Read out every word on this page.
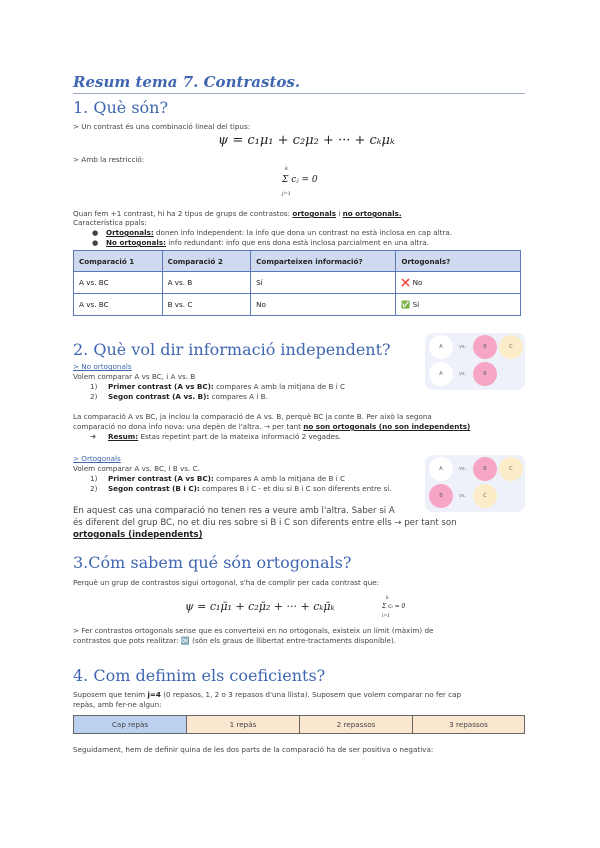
Resum tema 7. Contrastos.
1. Què són?
> Un contrast és una combinació lineal del tipus:
ψ = c₁μ₁ + c₂μ₂ + ··· + cₖμₖ
> Amb la restricció:
k
Σ cⱼ = 0
j=1
Quan fem +1 contrast, hi ha 2 tipus de grups de contrastos: ortogonals i no ortogonals.
Característica ppals:
● Ortogonals: donen info independent: la info que dona un contrast no està inclosa en cap altra.
● No ortogonals: info redundant: info que ens dona està inclosa parcialment en una altra.
Comparació 1	Comparació 2	Comparteixen informació?	Ortogonals?
A vs. BC	A vs. B	Sí	❌ No
A vs. BC	B vs. C	No	✅ Sí
2. Què vol dir informació independent?	A	vs.	B	C
A	vs.	B
> No ortogonals
Volem comparar A vs BC, i A vs. B
1) Primer contrast (A vs BC): compares A amb la mitjana de B i C
2) Segon contrast (A vs. B): compares A i B.
La comparació A vs BC, ja inclou la comparació de A vs. B, perquè BC ja conte B. Per això la segona
comparació no dona info nova: una depèn de l'altra. → per tant no son ortogonals (no son independents)
➔ Resum: Estas repetint part de la mateixa informació 2 vegades.
A	vs.	B	C
B	vs.	C
> Ortogonals
Volem comparar A vs. BC, i B vs. C.
1) Primer contrast (A vs BC): compares A amb la mitjana de B i C
2) Segon contrast (B i C): compares B i C - et diu si B i C son diferents entre si.
En aquest cas una comparació no tenen res a veure amb l'altra. Saber si A
és diferent del grup BC, no et diu res sobre si B i C son diferents entre ells → per tant son
ortogonals (independents)
3.Cóm sabem qué són ortogonals?
Perquè un grup de contrastos sigui ortogonal, s'ha de complir per cada contrast que:
ψ = c₁μ̄₁ + c₂μ̄₂ + ··· + cₖμ̄ₖ
k
Σ cᵢ = 0
i=1
> Fer contrastos ortogonals sense que es converteixi en no ortogonals, existeix un límit (màxim) de
contrastos que pots realitzar: 🆗 (són els graus de llibertat entre-tractaments disponible).
4. Com definim els coeficients?
Suposem que tenim j=4 (0 repasos, 1, 2 o 3 repasos d'una llista). Suposem que volem comparar no fer cap
repàs, amb fer-ne algun:
Cap repàs	1 repàs	2 repassos	3 repassos
Seguidament, hem de definir quina de les dos parts de la comparació ha de ser positiva o negativa:
